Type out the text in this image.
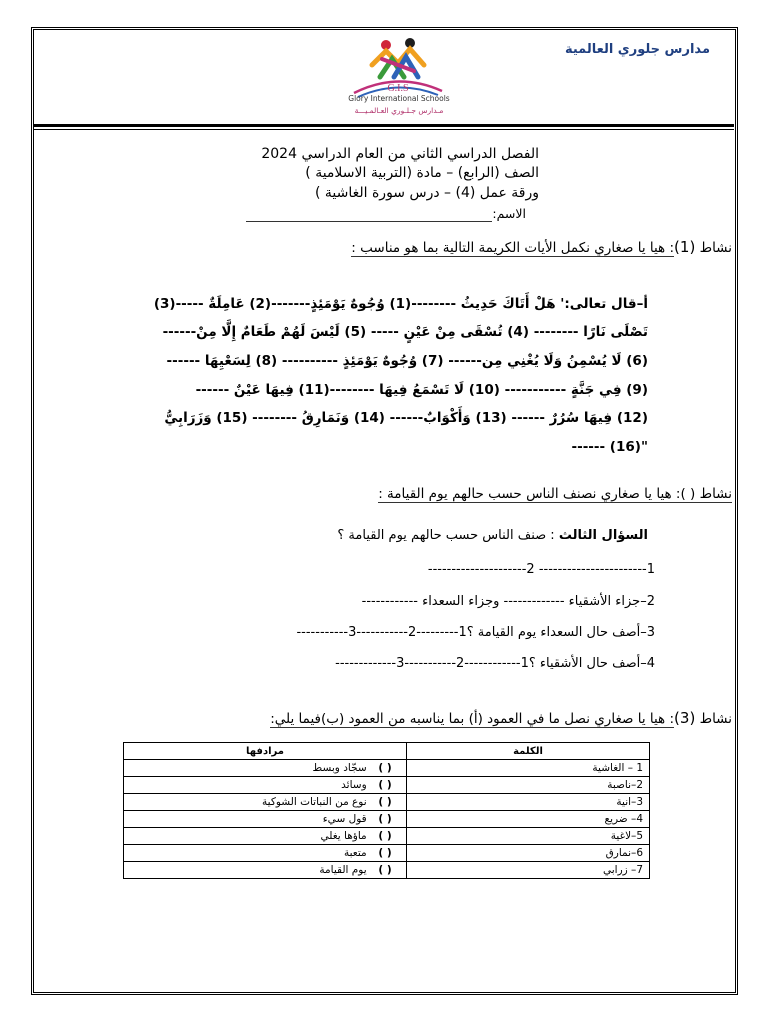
مدارس جلوري العالمية
G.I.S
Glory International Schools
مـدارس جـلـوري العـالمـيـــة
الفصل الدراسي الثاني من العام الدراسي 2024
الصف (الرابع) – مادة (التربية الاسلامية )
ورقة عمل (4) – درس سورة الغاشية )
الاسم:
نشاط (1): هيا يا صغاري نكمل الأيات الكريمة التالية بما هو مناسب :
أ–قال تعالى:' هَلْ أَتَاكَ حَدِيثُ --------(1) وُجُوهٌ يَوْمَئِذٍ-------(2) عَامِلَةٌ -----(3)
تَصْلَى نَارًا -------- (4) تُسْقَى مِنْ عَيْنٍ ----- (5) لَيْسَ لَهُمْ طَعَامٌ إِلَّا مِنْ------
(6) لَا يُسْمِنُ وَلَا يُغْنِي مِن------ (7) وُجُوهٌ يَوْمَئِذٍ ---------- (8) لِسَعْيِهَا ------
(9) فِي جَنَّةٍ ----------- (10) لَا تَسْمَعُ فِيهَا --------(11) فِيهَا عَيْنٌ ------
(12) فِيهَا سُرُرٌ ------ (13) وَأَكْوَابٌ------ (14) وَنَمَارِقُ -------- (15) وَزَرَابِيُّ
"(16) ------
نشاط ( ): هيا يا صغاري نصنف الناس حسب حالهم يوم القيامة :
السؤال الثالث : صنف الناس حسب حالهم يوم القيامة ؟
1----------------------- 2---------------------
2–جزاء الأشقياء ------------- وجزاء السعداء ------------
3–أصف حال السعداء يوم القيامة ؟1---------2-----------3-----------
4–أصف حال الأشقياء ؟1------------2-----------3-------------
نشاط (3): هيا يا صغاري نصل ما في العمود (أ) بما يناسبه من العمود (ب)فيما يلي:
الكلمة	مرادفها
1 – الغاشية	( ) سجّاد وبسط
2–ناصبة	( ) وسائد
3–انية	( ) نوع من النباتات الشوكية
4– ضريع	( ) قول سيء
5–لاغية	( ) ماؤها يغلي
6–نمارق	( ) متعبة
7– زرابي	( ) يوم القيامة
